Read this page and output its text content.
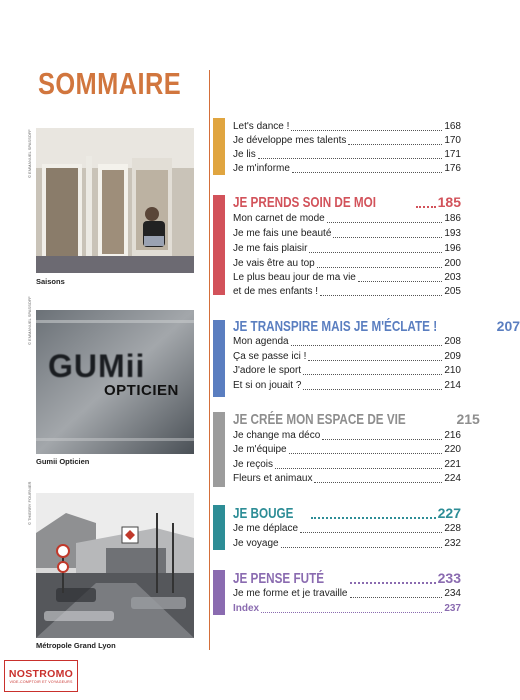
SOMMAIRE
© EMMANUEL SPASSOFF
Saisons
© EMMANUEL SPASSOFF
GUMii
OPTICIEN
Gumii Opticien
© THIERRY FOURNIER
Métropole Grand Lyon
Let's dance !	168
Je développe mes talents	170
Je lis	171
Je m'informe	176
JE PRENDS SOIN DE MOI	185
Mon carnet de mode	186
Je me fais une beauté	193
Je me fais plaisir	196
Je vais être au top	200
Le plus beau jour de ma vie	203
et de mes enfants !	205
JE TRANSPIRE MAIS JE M'ÉCLATE !	207
Mon agenda	208
Ça se passe ici !	209
J'adore le sport	210
Et si on jouait ?	214
JE CRÉE MON ESPACE DE VIE	215
Je change ma déco	216
Je m'équipe	220
Je reçois	221
Fleurs et animaux	224
JE BOUGE	227
Je me déplace	228
Je voyage	232
JE PENSE FUTÉ	233
Je me forme et je travaille	234
Index	237
NOSTROMO
VIDE-COMPTOIR ET VOYAGEURS
